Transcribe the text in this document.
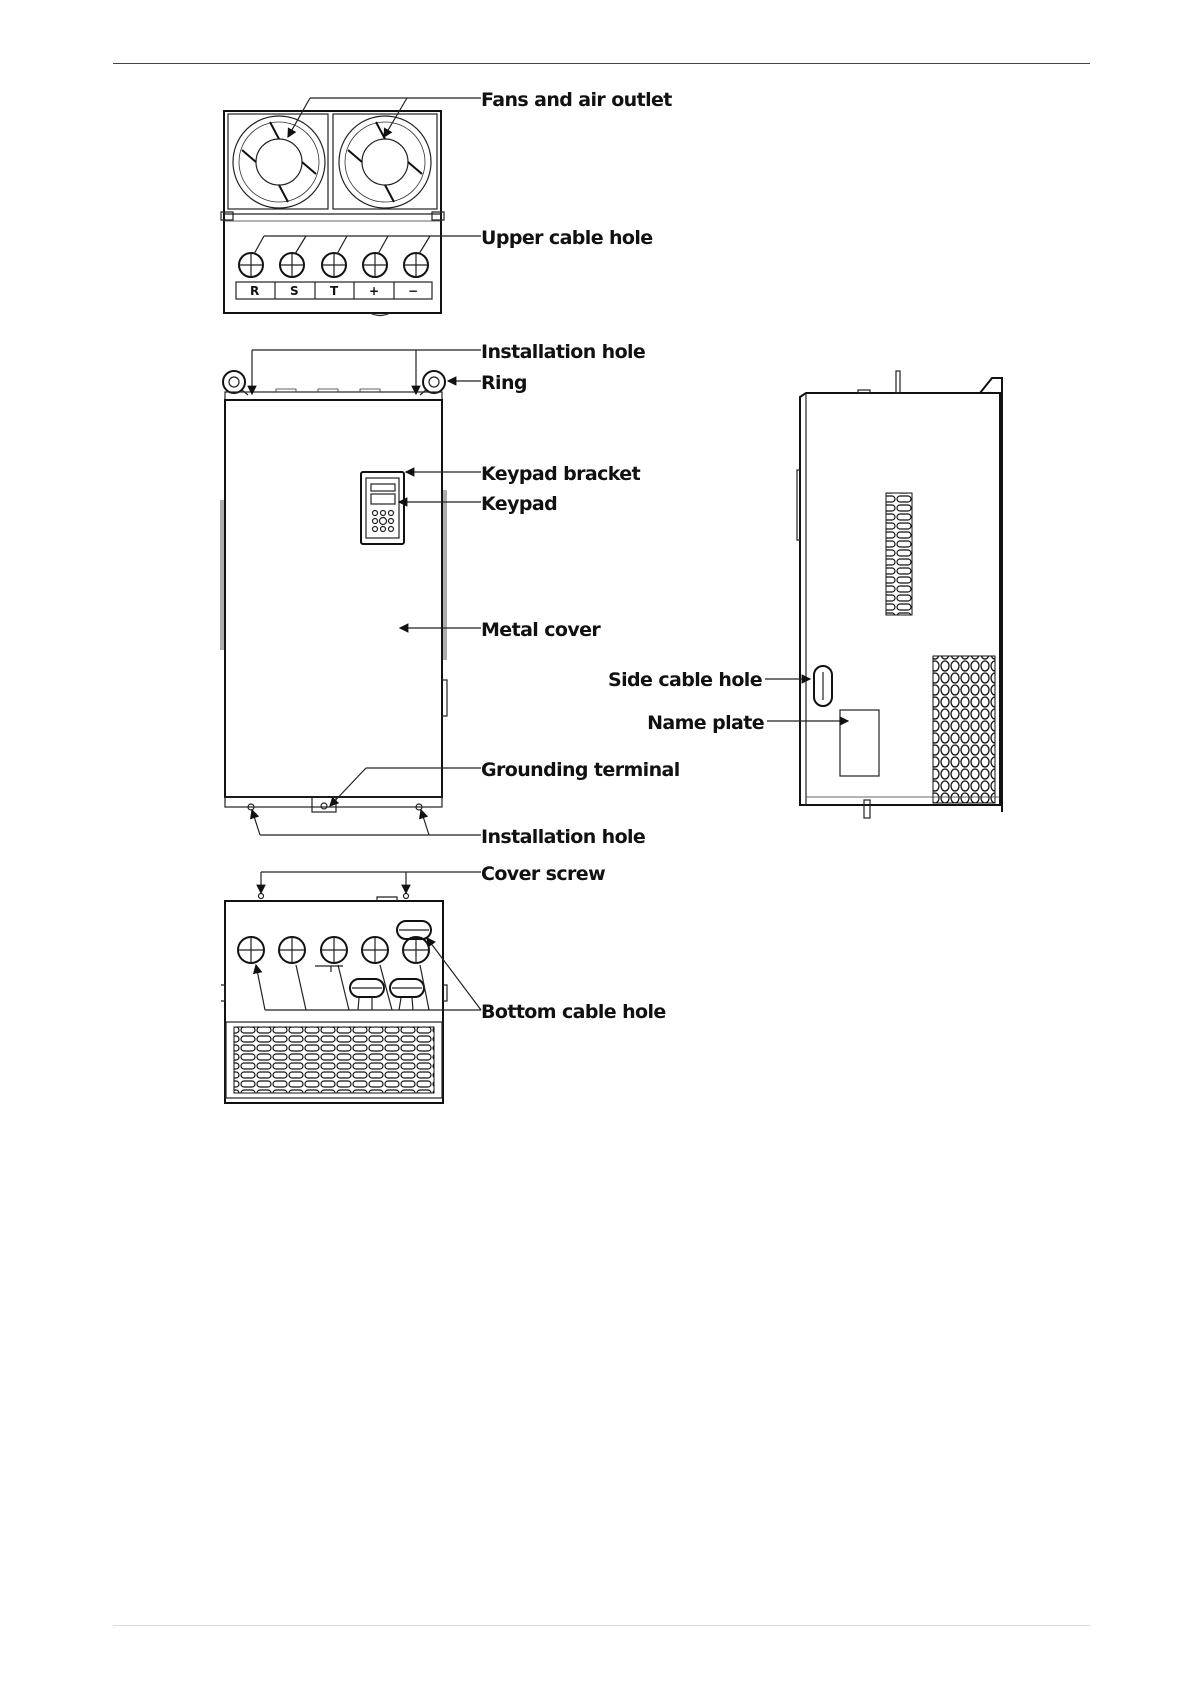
R	S	T	+ −
Fans and air outlet
Upper cable hole
Installation hole
Ring
Keypad bracket
Keypad
Metal cover
Side cable hole
Name plate
Grounding terminal
Installation hole
Cover screw
Bottom cable hole
